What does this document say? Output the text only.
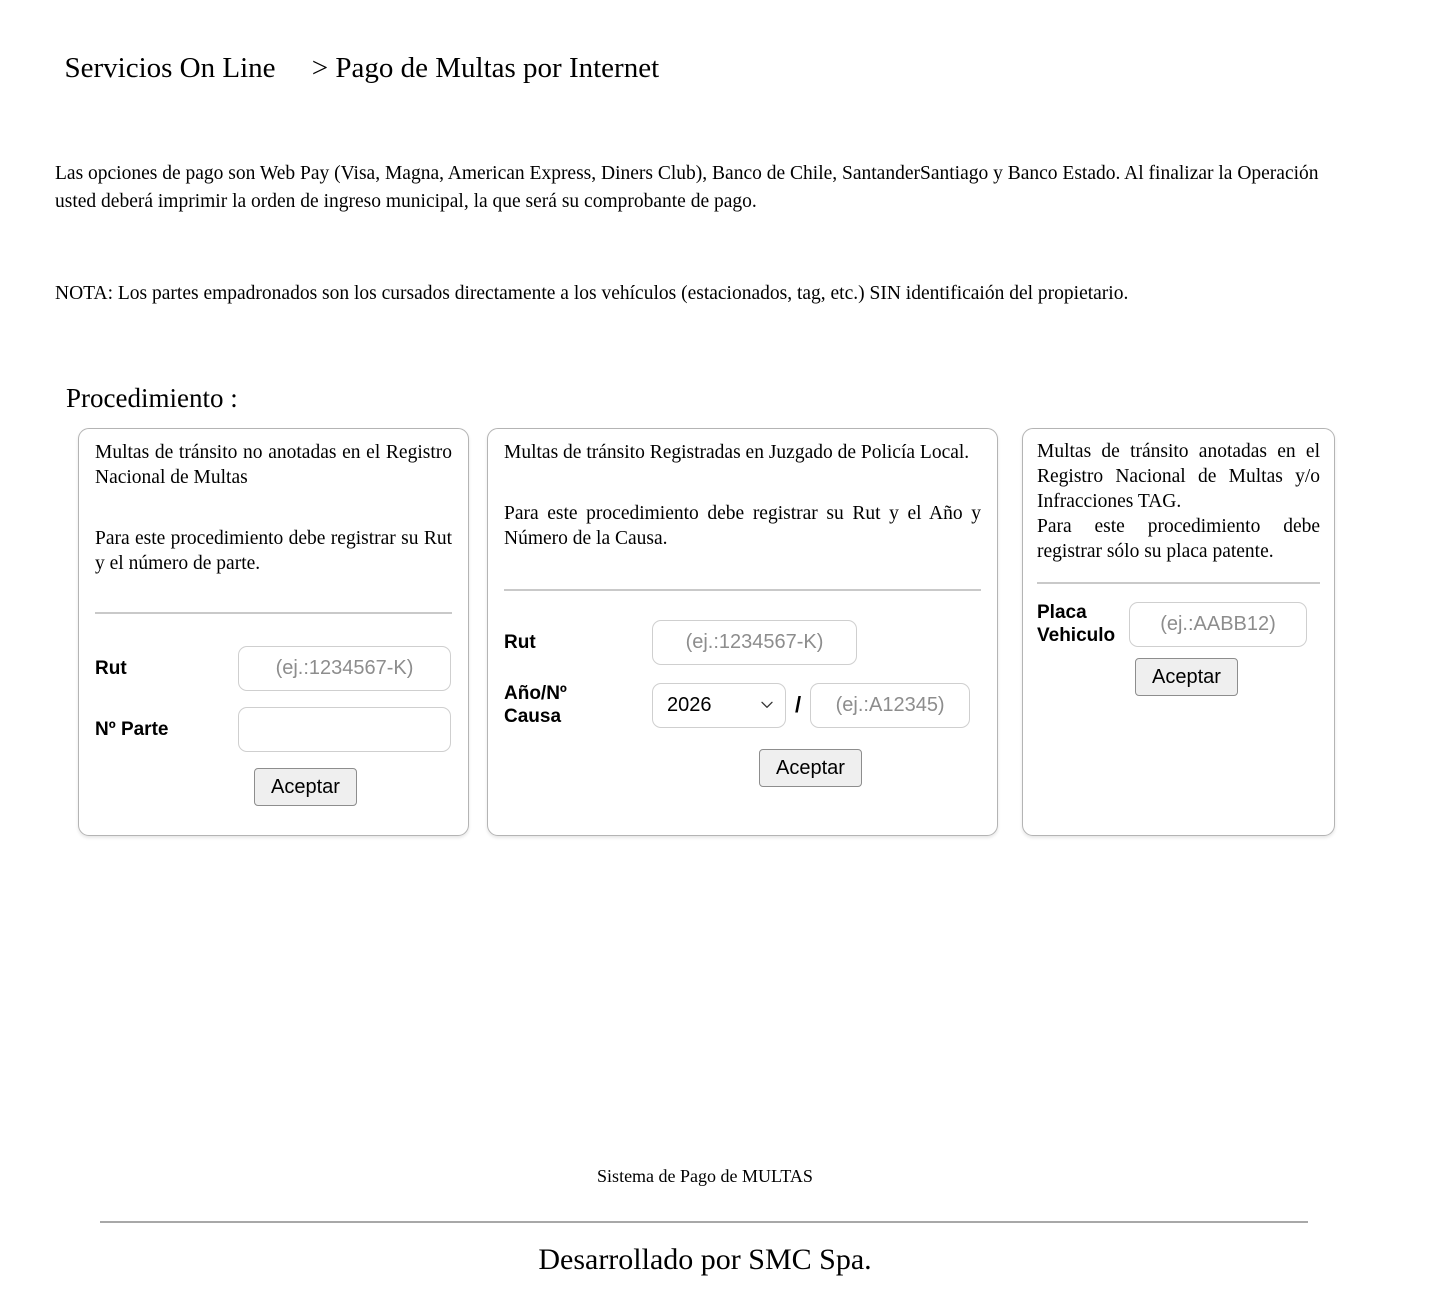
Servicios On Line     > Pago de Multas por Internet

Las opciones de pago son Web Pay (Visa, Magna, American Express, Diners Club), Banco de Chile, SantanderSantiago y Banco Estado. Al finalizar la Operación usted deberá imprimir la orden de ingreso municipal, la que será su comprobante de pago.
NOTA: Los partes empadronados son los cursados directamente a los vehículos (estacionados, tag, etc.) SIN identificaión del propietario.
Procedimiento :

Multas de tránsito no anotadas en el Registro Nacional de Multas

Para este procedimiento debe registrar su Rut y el número de parte.

Rut
(ej.:1234567-K)
Nº Parte
Aceptar

Multas de tránsito Registradas en Juzgado de Policía Local.

Para este procedimiento debe registrar su Rut y el Año y Número de la Causa.

Rut
(ej.:1234567-K)
Año/Nº
Causa
2026	/
(ej.:A12345)
Aceptar

Multas de tránsito anotadas en el Registro Nacional de Multas y/o Infracciones TAG.

Para este procedimiento debe registrar sólo su placa patente.

Placa
Vehiculo
(ej.:AABB12)
Aceptar
Sistema de Pago de MULTAS
Desarrollado por SMC Spa.
